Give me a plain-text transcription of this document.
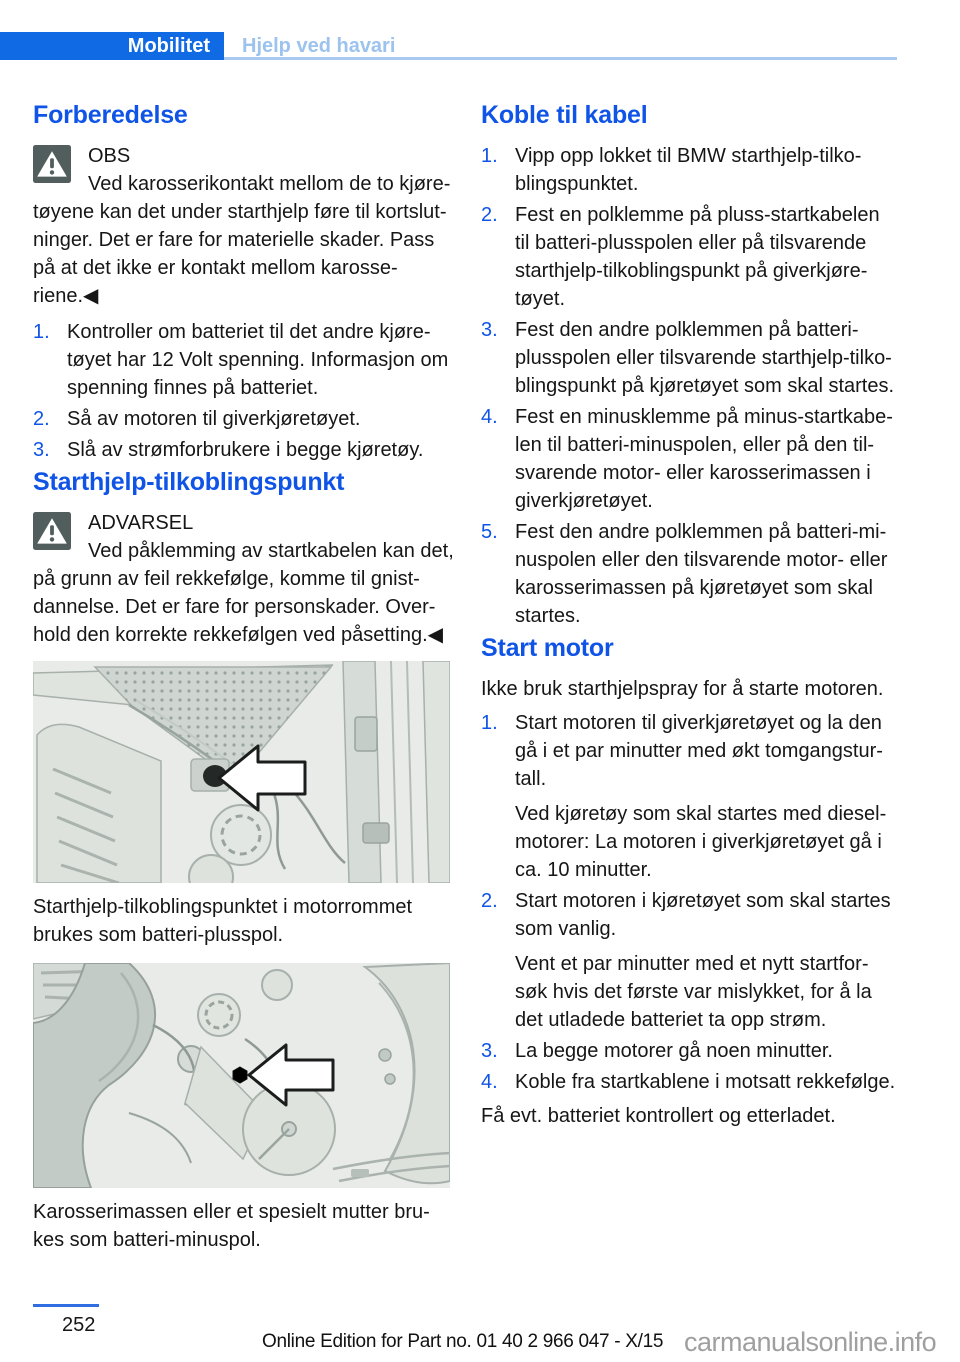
Mobilitet Hjelp ved havari
Forberedelse
OBS
Ved karosserikontakt mellom de to kjøre-
tøyene kan det under starthjelp føre til kortslut-
ninger. Det er fare for materielle skader. Pass
på at det ikke er kontakt mellom karosse-
riene.◀
1. Kontroller om batteriet til det andre kjøre-
tøyet har 12 Volt spenning. Informasjon om
spenning finnes på batteriet.
2. Så av motoren til giverkjøretøyet.
3. Slå av strømforbrukere i begge kjøretøy.
Starthjelp-tilkoblingspunkt
ADVARSEL
Ved påklemming av startkabelen kan det,
på grunn av feil rekkefølge, komme til gnist-
dannelse. Det er fare for personskader. Over-
hold den korrekte rekkefølgen ved påsetting.◀
Starthjelp-tilkoblingspunktet i motorrommet
brukes som batteri-plusspol.
Karosserimassen eller et spesielt mutter bru-
kes som batteri-minuspol.
Koble til kabel
1. Vipp opp lokket til BMW starthjelp-tilko-
blingspunktet.
2. Fest en polklemme på pluss-startkabelen
til batteri-plusspolen eller på tilsvarende
starthjelp-tilkoblingspunkt på giverkjøre-
tøyet.
3. Fest den andre polklemmen på batteri-
plusspolen eller tilsvarende starthjelp-tilko-
blingspunkt på kjøretøyet som skal startes.
4. Fest en minusklemme på minus-startkabe-
len til batteri-minuspolen, eller på den til-
svarende motor- eller karosserimassen i
giverkjøretøyet.
5. Fest den andre polklemmen på batteri-mi-
nuspolen eller den tilsvarende motor- eller
karosserimassen på kjøretøyet som skal
startes.
Start motor
Ikke bruk starthjelpspray for å starte motoren.
1. Start motoren til giverkjøretøyet og la den
gå i et par minutter med økt tomgangstur-
tall.
Ved kjøretøy som skal startes med diesel-
motorer: La motoren i giverkjøretøyet gå i
ca. 10 minutter.
2. Start motoren i kjøretøyet som skal startes
som vanlig.
Vent et par minutter med et nytt startfor-
søk hvis det første var mislykket, for å la
det utladede batteriet ta opp strøm.
3. La begge motorer gå noen minutter.
4. Koble fra startkablene i motsatt rekkefølge.
Få evt. batteriet kontrollert og etterladet.
252
carmanualsonline.info
Online Edition for Part no. 01 40 2 966 047 - X/15
